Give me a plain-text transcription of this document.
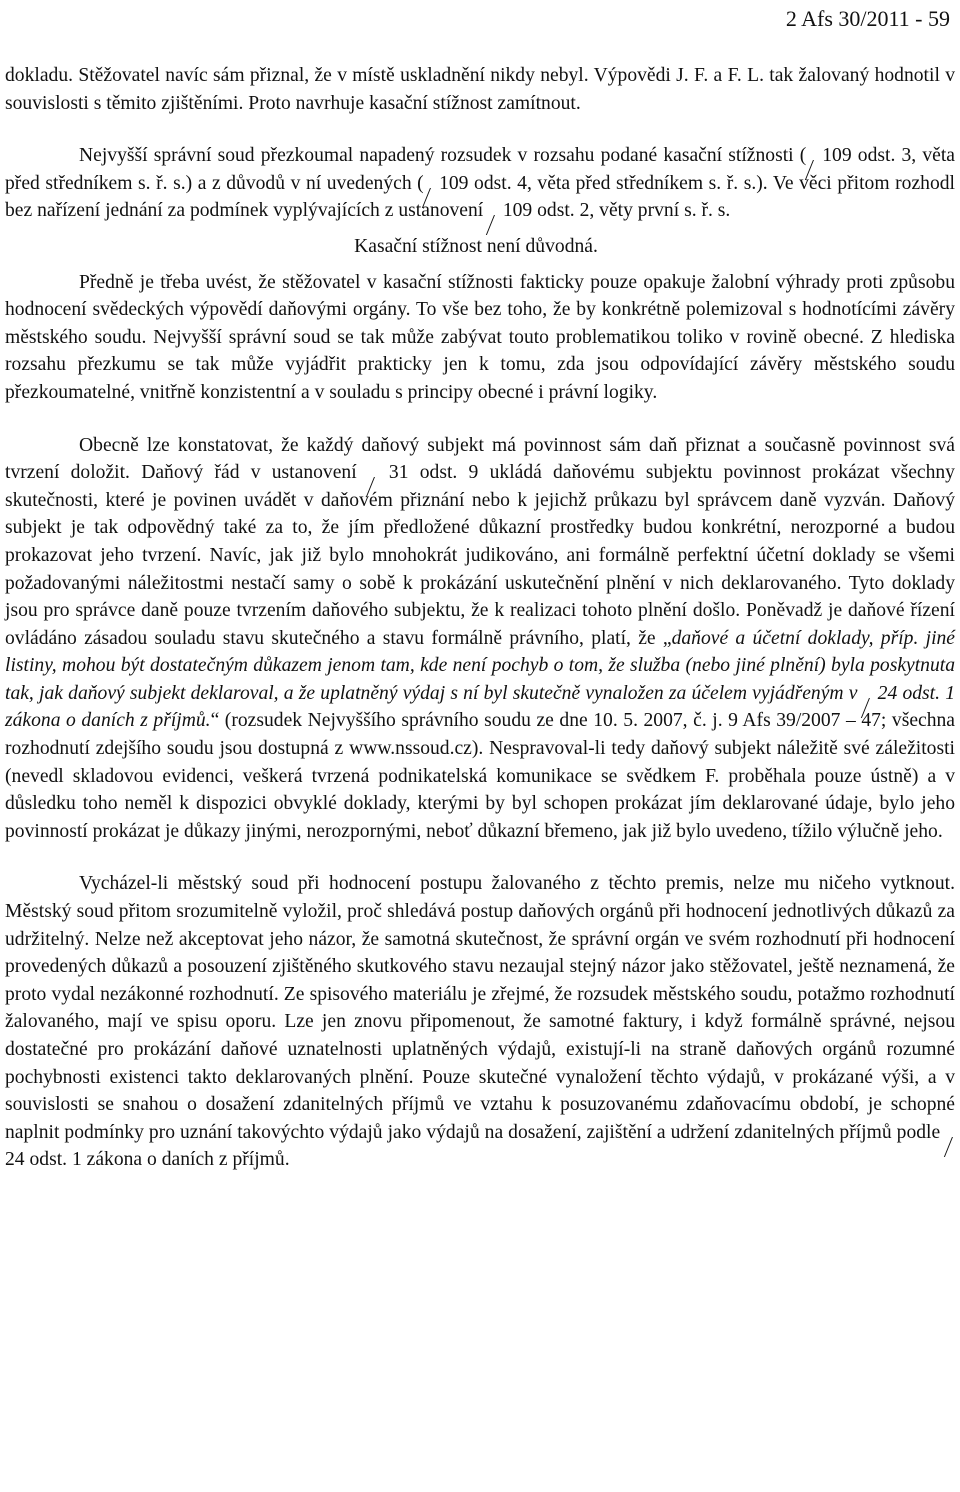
2 Afs 30/2011 - 59

dokladu. Stěžovatel navíc sám přiznal, že v místě uskladnění nikdy nebyl. Výpovědi J. F. a F. L. tak žalovaný hodnotil v souvislosti s těmito zjištěními. Proto navrhuje kasační stížnost zamítnout.

Nejvyšší správní soud přezkoumal napadený rozsudek v rozsahu podané kasační stížnosti ( 109 odst. 3, věta před středníkem s. ř. s.) a z důvodů v ní uvedených ( 109 odst. 4, věta před středníkem s. ř. s.). Ve věci přitom rozhodl bez nařízení jednání za podmínek vyplývajících z ustanovení  109 odst. 2, věty první s. ř. s.

Kasační stížnost není důvodná.

Předně je třeba uvést, že stěžovatel v kasační stížnosti fakticky pouze opakuje žalobní výhrady proti způsobu hodnocení svědeckých výpovědí daňovými orgány. To vše bez toho, že by konkrétně polemizoval s hodnotícími závěry městského soudu. Nejvyšší správní soud se tak může zabývat touto problematikou toliko v rovině obecné. Z hlediska rozsahu přezkumu se tak může vyjádřit prakticky jen k tomu, zda jsou odpovídající závěry městského soudu přezkoumatelné, vnitřně konzistentní a v souladu s principy obecné i právní logiky.

Obecně lze konstatovat, že každý daňový subjekt má povinnost sám daň přiznat a současně povinnost svá tvrzení doložit. Daňový řád v ustanovení  31 odst. 9 ukládá daňovému subjektu povinnost prokázat všechny skutečnosti, které je povinen uvádět v daňovém přiznání nebo k jejichž průkazu byl správcem daně vyzván. Daňový subjekt je tak odpovědný také za to, že jím předložené důkazní prostředky budou konkrétní, nerozporné a budou prokazovat jeho tvrzení. Navíc, jak již bylo mnohokrát judikováno, ani formálně perfektní účetní doklady se všemi požadovanými náležitostmi nestačí samy o sobě k prokázání uskutečnění plnění v nich deklarovaného. Tyto doklady jsou pro správce daně pouze tvrzením daňového subjektu, že k realizaci tohoto plnění došlo. Poněvadž je daňové řízení ovládáno zásadou souladu stavu skutečného a stavu formálně právního, platí, že „daňové a účetní doklady, příp. jiné listiny, mohou být dostatečným důkazem jenom tam, kde není pochyb o tom, že služba (nebo jiné plnění) byla poskytnuta tak, jak daňový subjekt deklaroval, a že uplatněný výdaj s ní byl skutečně vynaložen za účelem vyjádřeným v  24 odst. 1 zákona o daních z příjmů.“ (rozsudek Nejvyššího správního soudu ze dne 10. 5. 2007, č. j. 9 Afs 39/2007 – 47; všechna rozhodnutí zdejšího soudu jsou dostupná z www.nssoud.cz). Nespravoval-li tedy daňový subjekt náležitě své záležitosti (nevedl skladovou evidenci, veškerá tvrzená podnikatelská komunikace se svědkem F. proběhala pouze ústně) a v důsledku toho neměl k dispozici obvyklé doklady, kterými by byl schopen prokázat jím deklarované údaje, bylo jeho povinností prokázat je důkazy jinými, nerozpornými, neboť důkazní břemeno, jak již bylo uvedeno, tížilo výlučně jeho.

Vycházel-li městský soud při hodnocení postupu žalovaného z těchto premis, nelze mu ničeho vytknout. Městský soud přitom srozumitelně vyložil, proč shledává postup daňových orgánů při hodnocení jednotlivých důkazů za udržitelný. Nelze než akceptovat jeho názor, že samotná skutečnost, že správní orgán ve svém rozhodnutí při hodnocení provedených důkazů a posouzení zjištěného skutkového stavu nezaujal stejný názor jako stěžovatel, ještě neznamená, že proto vydal nezákonné rozhodnutí. Ze spisového materiálu je zřejmé, že rozsudek městského soudu, potažmo rozhodnutí žalovaného, mají ve spisu oporu. Lze jen znovu připomenout, že samotné faktury, i když formálně správné, nejsou dostatečné pro prokázání daňové uznatelnosti uplatněných výdajů, existují-li na straně daňových orgánů rozumné pochybnosti existenci takto deklarovaných plnění. Pouze skutečné vynaložení těchto výdajů, v prokázané výši, a v souvislosti se snahou o dosažení zdanitelných příjmů ve vztahu k posuzovanému zdaňovacímu období, je schopné naplnit podmínky pro uznání takovýchto výdajů jako výdajů na dosažení, zajištění a udržení zdanitelných příjmů podle  24 odst. 1 zákona o daních z příjmů.
